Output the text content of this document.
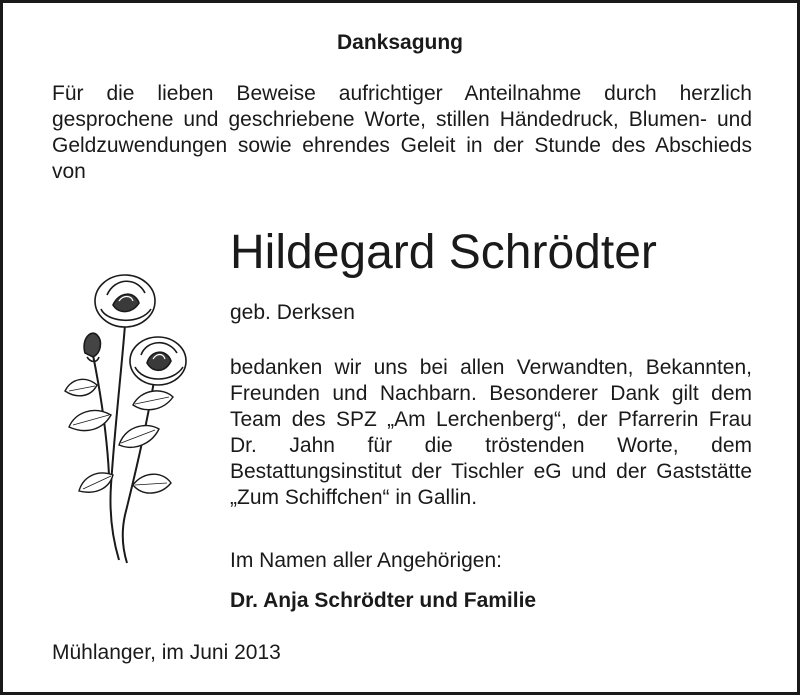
Danksagung
Für die lieben Beweise aufrichtiger Anteilnahme durch herzlich gesprochene und geschriebene Worte, stillen Händedruck, Blumen- und Geldzuwendungen sowie ehrendes Geleit in der Stunde des Abschieds von
Hildegard Schrödter
geb. Derksen
bedanken wir uns bei allen Verwandten, Bekannten, Freunden und Nachbarn. Besonderer Dank gilt dem Team des SPZ „Am Lerchenberg“, der Pfarrerin Frau Dr. Jahn für die tröstenden Worte, dem Bestattungsinstitut der Tischler eG und der Gaststätte „Zum Schiffchen“ in Gallin.
Im Namen aller Angehörigen:
Dr. Anja Schrödter und Familie
Mühlanger, im Juni 2013
